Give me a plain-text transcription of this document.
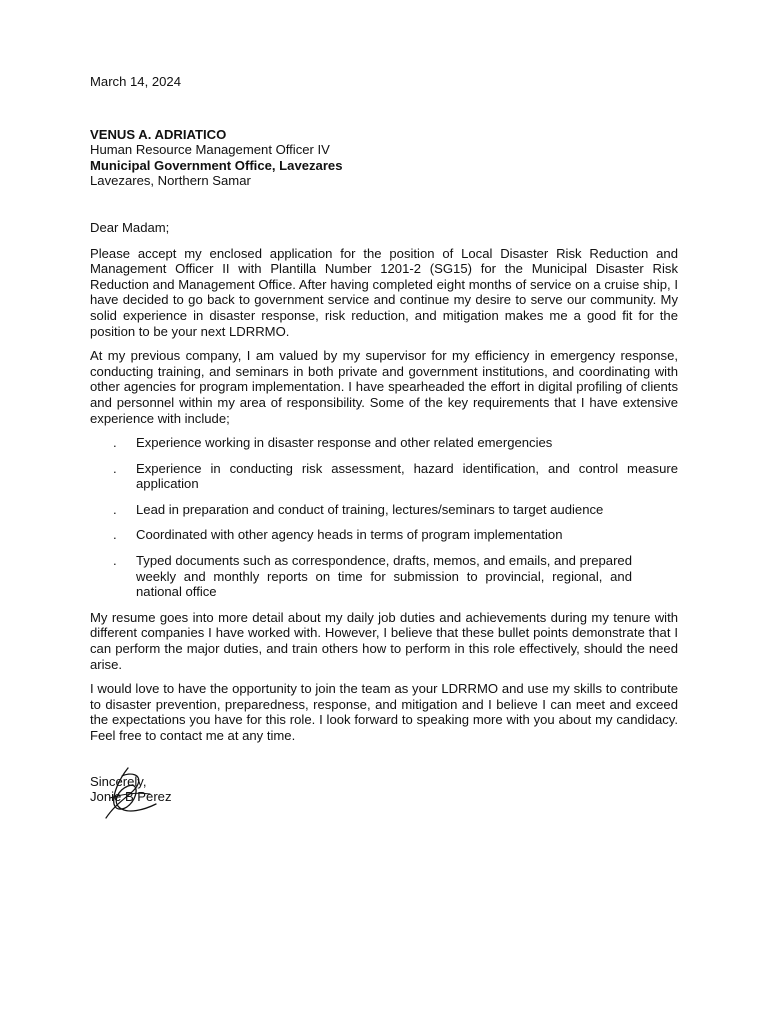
March 14, 2024
VENUS A. ADRIATICO
Human Resource Management Officer IV
Municipal Government Office, Lavezares
Lavezares, Northern Samar
Dear Madam;

Please accept my enclosed application for the position of Local Disaster Risk Reduction and Management Officer II with Plantilla Number 1201-2 (SG15) for the Municipal Disaster Risk Reduction and Management Office. After having completed eight months of service on a cruise ship, I have decided to go back to government service and continue my desire to serve our community. My solid experience in disaster response, risk reduction, and mitigation makes me a good fit for the position to be your next LDRRMO.

At my previous company, I am valued by my supervisor for my efficiency in emergency response, conducting training, and seminars in both private and government institutions, and coordinating with other agencies for program implementation. I have spearheaded the effort in digital profiling of clients and personnel within my area of responsibility. Some of the key requirements that I have extensive experience with include;

. Experience working in disaster response and other related emergencies
. Experience in conducting risk assessment, hazard identification, and control measure application
. Lead in preparation and conduct of training, lectures/seminars to target audience
. Coordinated with other agency heads in terms of program implementation
. Typed documents such as correspondence, drafts, memos, and emails, and prepared weekly and monthly reports on time for submission to provincial, regional, and national office

My resume goes into more detail about my daily job duties and achievements during my tenure with different companies I have worked with. However, I believe that these bullet points demonstrate that I can perform the major duties, and train others how to perform in this role effectively, should the need arise.

I would love to have the opportunity to join the team as your LDRRMO and use my skills to contribute to disaster prevention, preparedness, response, and mitigation and I believe I can meet and exceed the expectations you have for this role. I look forward to speaking more with you about my candidacy. Feel free to contact me at any time.

Sincerely,
Jonie B Perez
